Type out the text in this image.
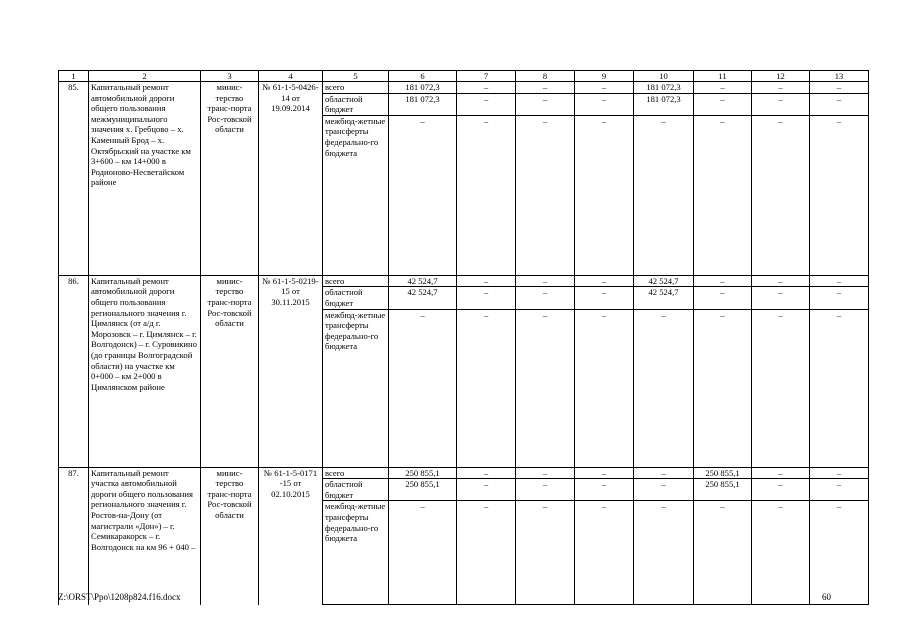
1	2	3	4	5	6	7	8	9	10	11	12	13
85.	Капитальный ремонт автомобильной дороги общего пользования межмуниципального значения х. Гребцово – х. Каменный Брод – х. Октябрьский на участке км 3+600 – км 14+000 в Родионово-Несветайском районе	минис-терство транс-порта Рос-товской области	№ 61-1-5-0426-14 от 19.09.2014	всего	181 072,3	–	–	–	181 072,3	–	–	–
				областной бюджет	181 072,3	–	–	–	181 072,3	–	–	–
				межбюд-жетные трансферты федерально-го бюджета	–	–	–	–	–	–	–	–
86.	Капитальный ремонт автомобильной дороги общего пользования регионального значения г. Цимлянск (от а/д г. Морозовск – г. Цимлянск – г. Волгодонск) – г. Суровикино (до границы Волгоградской области) на участке км 0+000 – км 2+000 в Цимлянском районе	минис-терство транс-порта Рос-товской области	№ 61-1-5-0219-15 от 30.11.2015	всего	42 524,7	–	–	–	42 524,7	–	–	–
				областной бюджет	42 524,7	–	–	–	42 524,7	–	–	–
				межбюд-жетные трансферты федерально-го бюджета	–	–	–	–	–	–	–	–
87.	Капитальный ремонт участка автомобильной дороги общего пользования регионального значения г. Ростов-на-Дону (от магистрали «Дон») – г. Семикаракорск – г. Волгодонск на км 96 + 040 –	минис-терство транс-порта Рос-товской области	№ 61-1-5-0171 -15 от 02.10.2015	всего	250 855,1	–	–	–	–	250 855,1	–	–
				областной бюджет	250 855,1	–	–	–	–	250 855,1	–	–
				межбюд-жетные трансферты федерально-го бюджета	–	–	–	–	–	–	–	–
Z:\ORST\Ppo\1208p824.f16.docx	60
